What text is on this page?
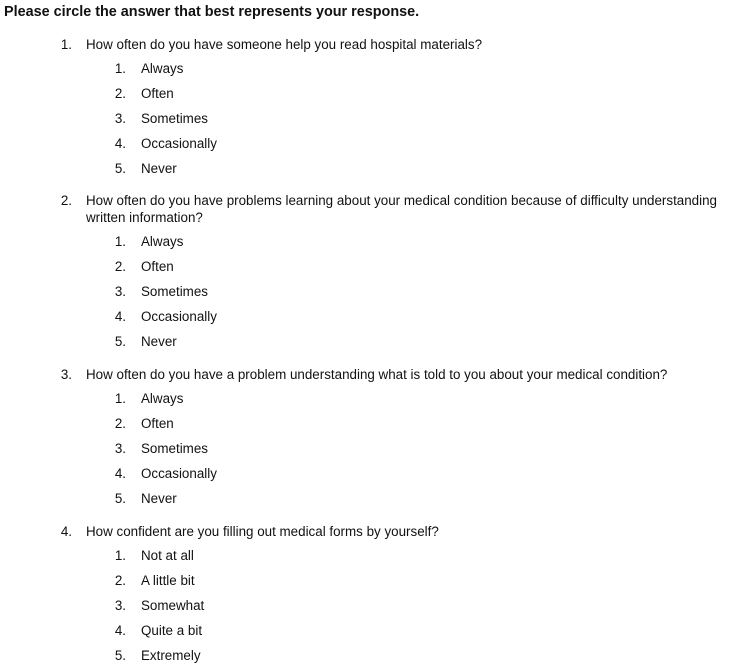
Please circle the answer that best represents your response.
1. How often do you have someone help you read hospital materials?
1. Always
2. Often
3. Sometimes
4. Occasionally
5. Never
2. How often do you have problems learning about your medical condition because of difficulty understanding written information?
1. Always
2. Often
3. Sometimes
4. Occasionally
5. Never
3. How often do you have a problem understanding what is told to you about your medical condition?
1. Always
2. Often
3. Sometimes
4. Occasionally
5. Never
4. How confident are you filling out medical forms by yourself?
1. Not at all
2. A little bit
3. Somewhat
4. Quite a bit
5. Extremely
